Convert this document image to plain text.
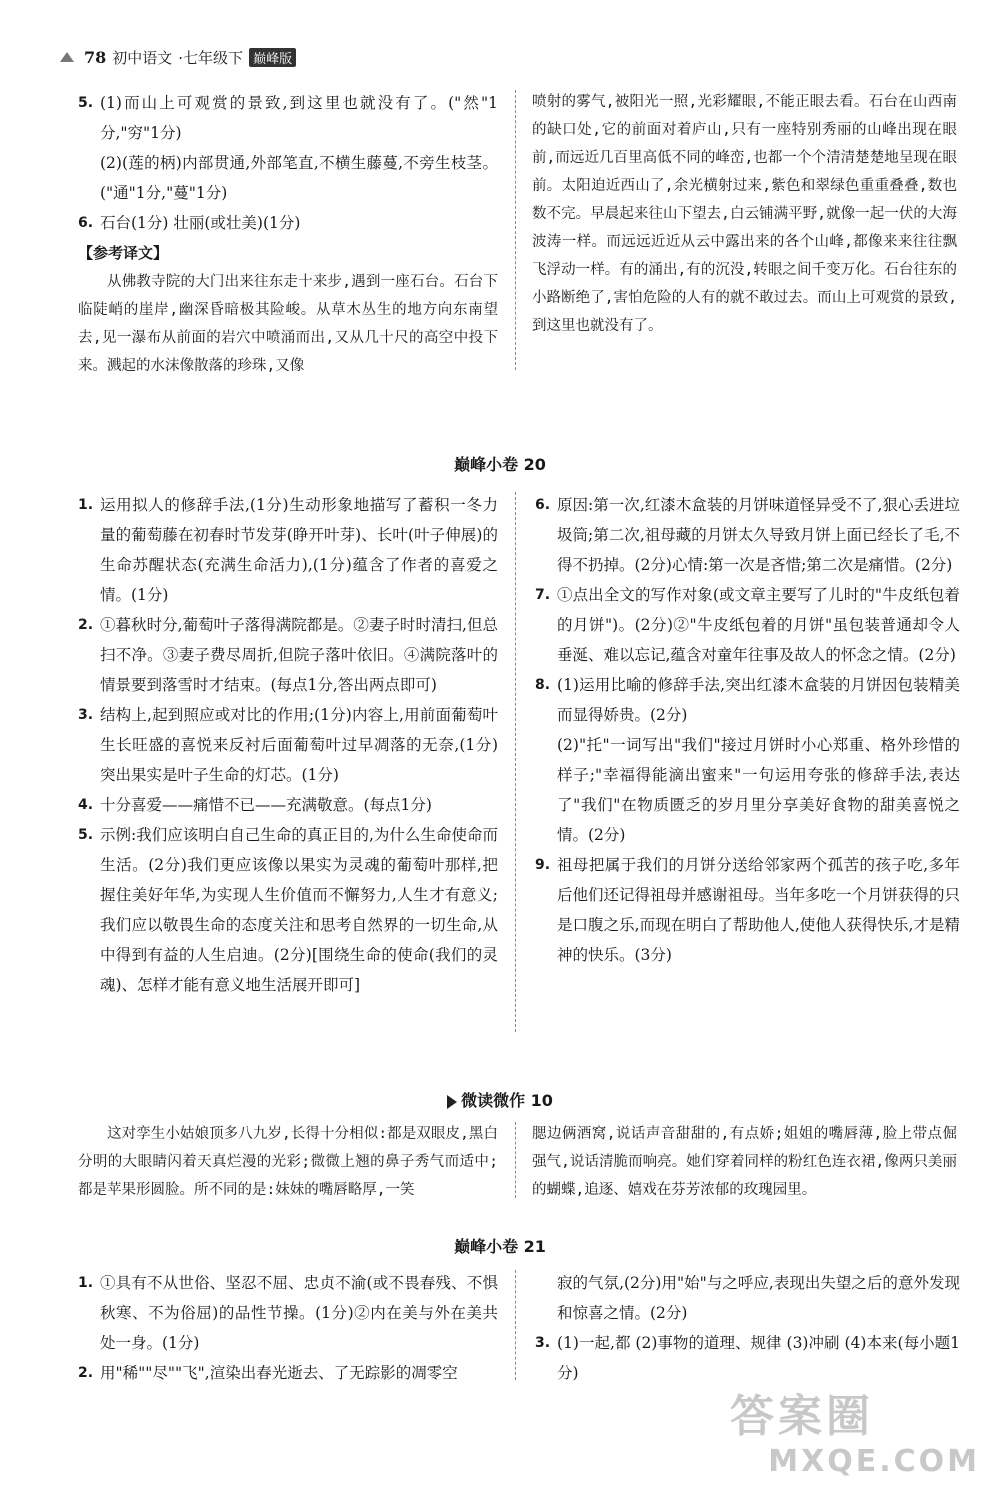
78 初中语文 ·七年级下 巅峰版
5. (1)而山上可观赏的景致,到这里也就没有了。("然"1分,"穷"1分)
(2)(莲的柄)内部贯通,外部笔直,不横生藤蔓,不旁生枝茎。("通"1分,"蔓"1分)
6. 石台(1分) 壮丽(或壮美)(1分)
【参考译文】
从佛教寺院的大门出来往东走十来步,遇到一座石台。石台下临陡峭的崖岸,幽深昏暗极其险峻。从草木丛生的地方向东南望去,见一瀑布从前面的岩穴中喷涌而出,又从几十尺的高空中投下来。溅起的水沫像散落的珍珠,又像
喷射的雾气,被阳光一照,光彩耀眼,不能正眼去看。石台在山西南的缺口处,它的前面对着庐山,只有一座特别秀丽的山峰出现在眼前,而远近几百里高低不同的峰峦,也都一个个清清楚楚地呈现在眼前。太阳迫近西山了,余光横射过来,紫色和翠绿色重重叠叠,数也数不完。早晨起来往山下望去,白云铺满平野,就像一起一伏的大海波涛一样。而远远近近从云中露出来的各个山峰,都像来来往往飘飞浮动一样。有的涌出,有的沉没,转眼之间千变万化。石台往东的小路断绝了,害怕危险的人有的就不敢过去。而山上可观赏的景致,到这里也就没有了。
巅峰小卷 20
1. 运用拟人的修辞手法,(1分)生动形象地描写了蓄积一冬力量的葡萄藤在初春时节发芽(睁开叶芽)、长叶(叶子伸展)的生命苏醒状态(充满生命活力),(1分)蕴含了作者的喜爱之情。(1分)
2. ①暮秋时分,葡萄叶子落得满院都是。②妻子时时清扫,但总扫不净。③妻子费尽周折,但院子落叶依旧。④满院落叶的情景要到落雪时才结束。(每点1分,答出两点即可)
3. 结构上,起到照应或对比的作用;(1分)内容上,用前面葡萄叶生长旺盛的喜悦来反衬后面葡萄叶过早凋落的无奈,(1分)突出果实是叶子生命的灯芯。(1分)
4. 十分喜爱——痛惜不已——充满敬意。(每点1分)
5. 示例:我们应该明白自己生命的真正目的,为什么生命使命而生活。(2分)我们更应该像以果实为灵魂的葡萄叶那样,把握住美好年华,为实现人生价值而不懈努力,人生才有意义;我们应以敬畏生命的态度关注和思考自然界的一切生命,从中得到有益的人生启迪。(2分)[围绕生命的使命(我们的灵魂)、怎样才能有意义地生活展开即可]
6. 原因:第一次,红漆木盒装的月饼味道怪异受不了,狠心丢进垃圾筒;第二次,祖母藏的月饼太久导致月饼上面已经长了毛,不得不扔掉。(2分)心情:第一次是吝惜;第二次是痛惜。(2分)
7. ①点出全文的写作对象(或文章主要写了儿时的"牛皮纸包着的月饼")。(2分)②"牛皮纸包着的月饼"虽包装普通却令人垂涎、难以忘记,蕴含对童年往事及故人的怀念之情。(2分)
8. (1)运用比喻的修辞手法,突出红漆木盒装的月饼因包装精美而显得娇贵。(2分)
(2)"托"一词写出"我们"接过月饼时小心郑重、格外珍惜的样子;"幸福得能滴出蜜来"一句运用夸张的修辞手法,表达了"我们"在物质匮乏的岁月里分享美好食物的甜美喜悦之情。(2分)
9. 祖母把属于我们的月饼分送给邻家两个孤苦的孩子吃,多年后他们还记得祖母并感谢祖母。当年多吃一个月饼获得的只是口腹之乐,而现在明白了帮助他人,使他人获得快乐,才是精神的快乐。(3分)
微读微作 10
这对孪生小姑娘顶多八九岁,长得十分相似:都是双眼皮,黑白分明的大眼睛闪着天真烂漫的光彩;微微上翘的鼻子秀气而适中;都是苹果形圆脸。所不同的是:妹妹的嘴唇略厚,一笑
腮边俩酒窝,说话声音甜甜的,有点娇;姐姐的嘴唇薄,脸上带点倔强气,说话清脆而响亮。她们穿着同样的粉红色连衣裙,像两只美丽的蝴蝶,追逐、嬉戏在芬芳浓郁的玫瑰园里。
巅峰小卷 21
1. ①具有不从世俗、坚忍不屈、忠贞不渝(或不畏春残、不惧秋寒、不为俗屈)的品性节操。(1分)②内在美与外在美共处一身。(1分)
2. 用"稀""尽""飞",渲染出春光逝去、了无踪影的凋零空
寂的气氛,(2分)用"始"与之呼应,表现出失望之后的意外发现和惊喜之情。(2分)
3. (1)一起,都 (2)事物的道理、规律 (3)冲刷 (4)本来(每小题1分)
答案圈
MXQE.COM
